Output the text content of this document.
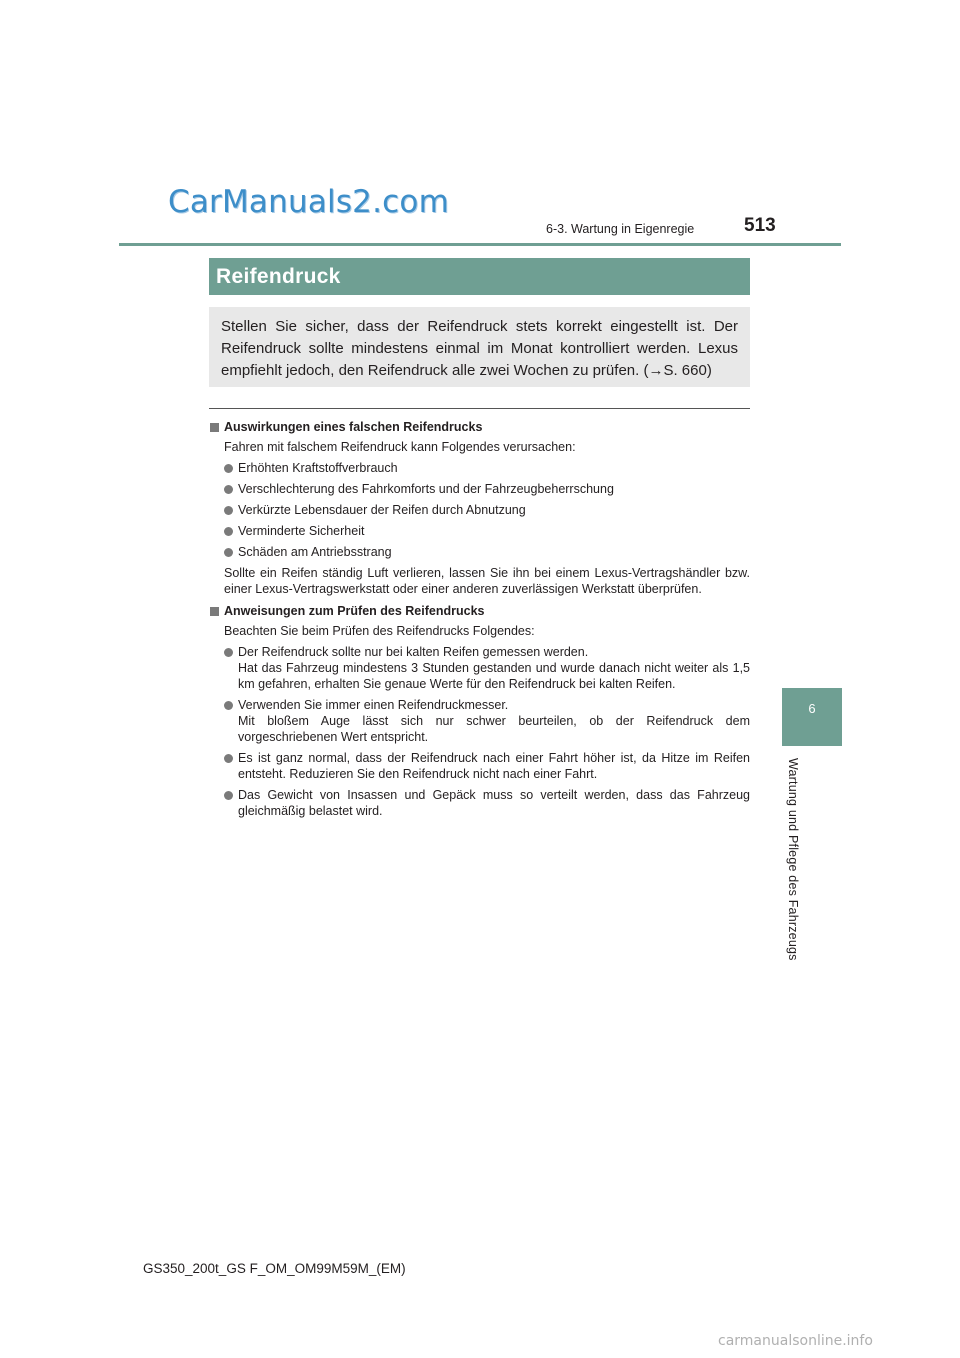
CarManuals2.com
6-3. Wartung in Eigenregie	513
6
Wartung und Pflege des Fahrzeugs
Reifendruck

Stellen Sie sicher, dass der Reifendruck stets korrekt eingestellt ist. Der Reifendruck sollte mindestens einmal im Monat kontrolliert werden. Lexus empfiehlt jedoch, den Reifendruck alle zwei Wochen zu prüfen. (→S. 660)

Auswirkungen eines falschen Reifendrucks

Fahren mit falschem Reifendruck kann Folgendes verursachen:

Erhöhten Kraftstoffverbrauch

Verschlechterung des Fahrkomforts und der Fahrzeugbeherrschung

Verkürzte Lebensdauer der Reifen durch Abnutzung

Verminderte Sicherheit

Schäden am Antriebsstrang

Sollte ein Reifen ständig Luft verlieren, lassen Sie ihn bei einem Lexus-Vertragshändler bzw. einer Lexus-Vertragswerkstatt oder einer anderen zuverlässigen Werkstatt überprüfen.

Anweisungen zum Prüfen des Reifendrucks

Beachten Sie beim Prüfen des Reifendrucks Folgendes:

Der Reifendruck sollte nur bei kalten Reifen gemessen werden.
Hat das Fahrzeug mindestens 3 Stunden gestanden und wurde danach nicht weiter als 1,5 km gefahren, erhalten Sie genaue Werte für den Reifendruck bei kalten Reifen.

Verwenden Sie immer einen Reifendruckmesser.
Mit bloßem Auge lässt sich nur schwer beurteilen, ob der Reifendruck dem vorgeschriebenen Wert entspricht.

Es ist ganz normal, dass der Reifendruck nach einer Fahrt höher ist, da Hitze im Reifen entsteht. Reduzieren Sie den Reifendruck nicht nach einer Fahrt.

Das Gewicht von Insassen und Gepäck muss so verteilt werden, dass das Fahrzeug gleichmäßig belastet wird.

GS350_200t_GS F_OM_OM99M59M_(EM)
carmanualsonline.info
